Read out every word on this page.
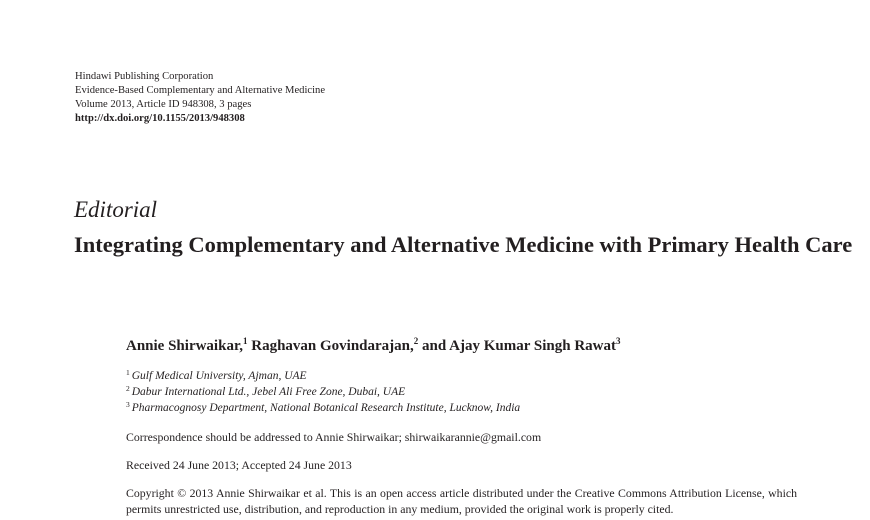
Hindawi Publishing Corporation
Evidence-Based Complementary and Alternative Medicine
Volume 2013, Article ID 948308, 3 pages
http://dx.doi.org/10.1155/2013/948308
Editorial
Integrating Complementary and Alternative Medicine with Primary Health Care
Annie Shirwaikar,$^1$ Raghavan Govindarajan,$^2$ and Ajay Kumar Singh Rawat$^3$
$^1$ Gulf Medical University, Ajman, UAE
$^2$ Dabur International Ltd., Jebel Ali Free Zone, Dubai, UAE
$^3$ Pharmacognosy Department, National Botanical Research Institute, Lucknow, India
Correspondence should be addressed to Annie Shirwaikar; shirwaikarannie@gmail.com
Received 24 June 2013; Accepted 24 June 2013
Copyright © 2013 Annie Shirwaikar et al. This is an open access article distributed under the Creative Commons Attribution License, which permits unrestricted use, distribution, and reproduction in any medium, provided the original work is properly cited.
